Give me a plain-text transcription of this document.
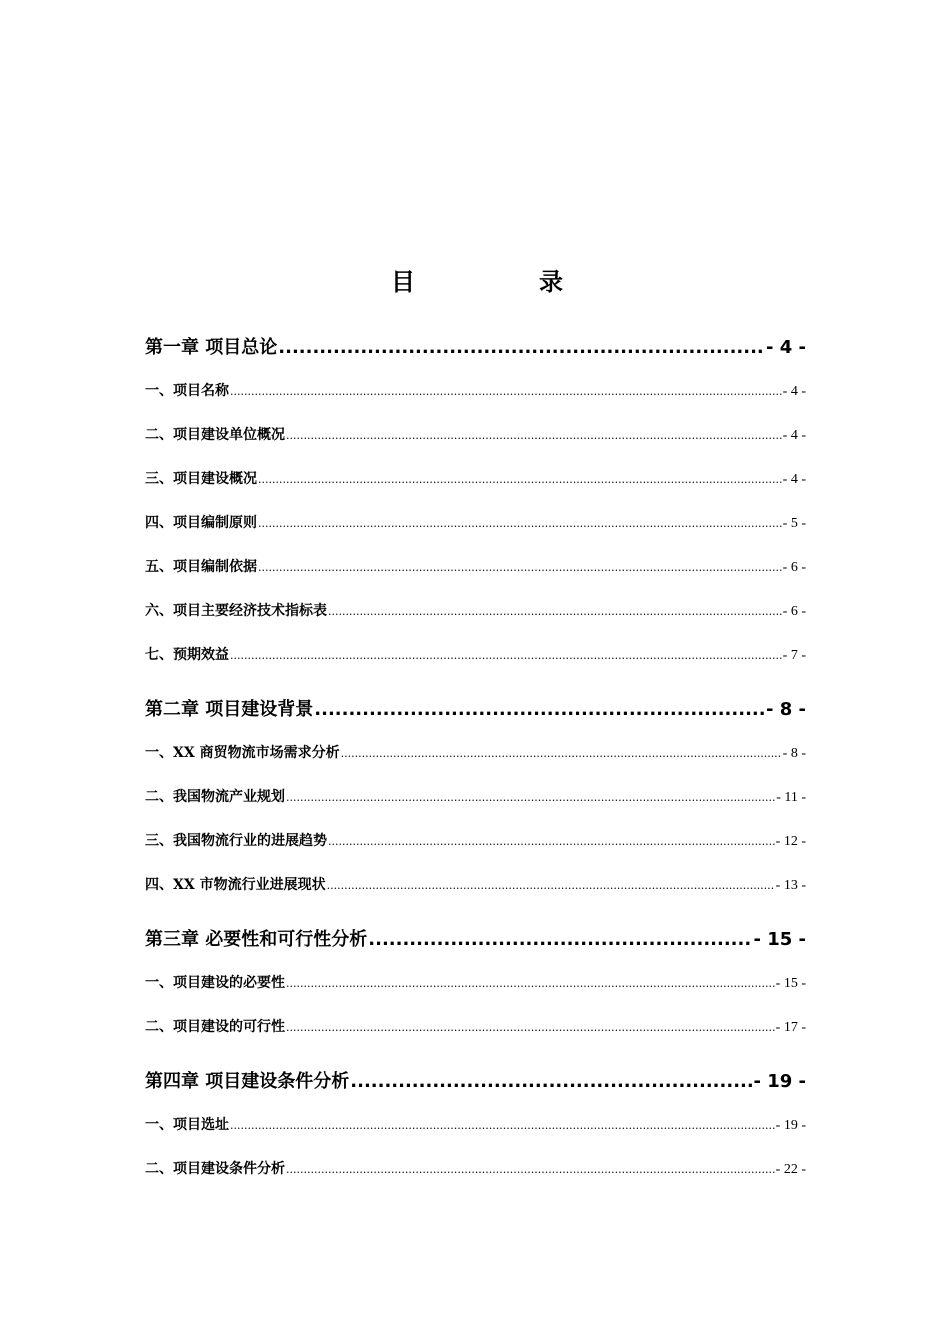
目　录
第一章 项目总论 .....	- 4 -
一、项目名称 .....	- 4 -
二、项目建设单位概况 .....	- 4 -
三、项目建设概况 .....	- 4 -
四、项目编制原则 .....	- 5 -
五、项目编制依据 .....	- 6 -
六、项目主要经济技术指标表 .....	- 6 -
七、预期效益 .....	- 7 -
第二章 项目建设背景 .....	- 8 -
一、XX 商贸物流市场需求分析 .....	- 8 -
二、我国物流产业规划 .....	- 11 -
三、我国物流行业的进展趋势 .....	- 12 -
四、XX 市物流行业进展现状 .....	- 13 -
第三章 必要性和可行性分析 .....	- 15 -
一、项目建设的必要性 .....	- 15 -
二、项目建设的可行性 .....	- 17 -
第四章 项目建设条件分析 .....	- 19 -
一、项目选址 .....	- 19 -
二、项目建设条件分析 .....	- 22 -
